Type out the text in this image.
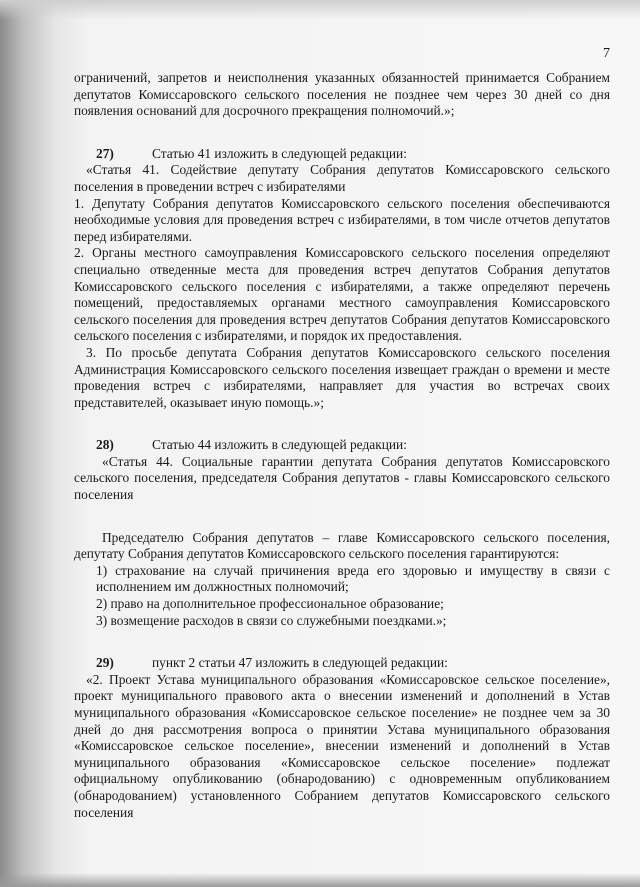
7

ограничений, запретов и неисполнения указанных обязанностей принимается Собранием депутатов Комиссаровского сельского поселения не позднее чем через 30 дней со дня появления оснований для досрочного прекращения полномочий.»;

27)	Статью 41 изложить в следующей редакции:

«Статья 41. Содействие депутату Собрания депутатов Комиссаровского сельского поселения в проведении встреч с избирателями

1. Депутату Собрания депутатов Комиссаровского сельского поселения обеспечиваются необходимые условия для проведения встреч с избирателями, в том числе отчетов депутатов перед избирателями.

2. Органы местного самоуправления Комиссаровского сельского поселения определяют специально отведенные места для проведения встреч депутатов Собрания депутатов Комиссаровского сельского поселения с избирателями, а также определяют перечень помещений, предоставляемых органами местного самоуправления Комиссаровского сельского поселения для проведения встреч депутатов Собрания депутатов Комиссаровского сельского поселения с избирателями, и порядок их предоставления.

3. По просьбе депутата Собрания депутатов Комиссаровского сельского поселения Администрация Комиссаровского сельского поселения извещает граждан о времени и месте проведения встреч с избирателями, направляет для участия во встречах своих представителей, оказывает иную помощь.»;

28)	Статью 44 изложить в следующей редакции:

«Статья 44. Социальные гарантии депутата Собрания депутатов Комиссаровского сельского поселения, председателя Собрания депутатов - главы Комиссаровского сельского поселения

Председателю Собрания депутатов – главе Комиссаровского сельского поселения, депутату Собрания депутатов Комиссаровского сельского поселения гарантируются:

1) страхование на случай причинения вреда его здоровью и имуществу в связи с исполнением им должностных полномочий;

2) право на дополнительное профессиональное образование;

3) возмещение расходов в связи со служебными поездками.»;

29)	пункт 2 статьи 47 изложить в следующей редакции:

«2. Проект Устава муниципального образования «Комиссаровское сельское поселение», проект муниципального правового акта о внесении изменений и дополнений в Устав муниципального образования «Комиссаровское сельское поселение» не позднее чем за 30 дней до дня рассмотрения вопроса о принятии Устава муниципального образования «Комиссаровское сельское поселение», внесении изменений и дополнений в Устав муниципального образования «Комиссаровское сельское поселение» подлежат официальному опубликованию (обнародованию) с одновременным опубликованием (обнародованием) установленного Собранием депутатов Комиссаровского сельского поселения
